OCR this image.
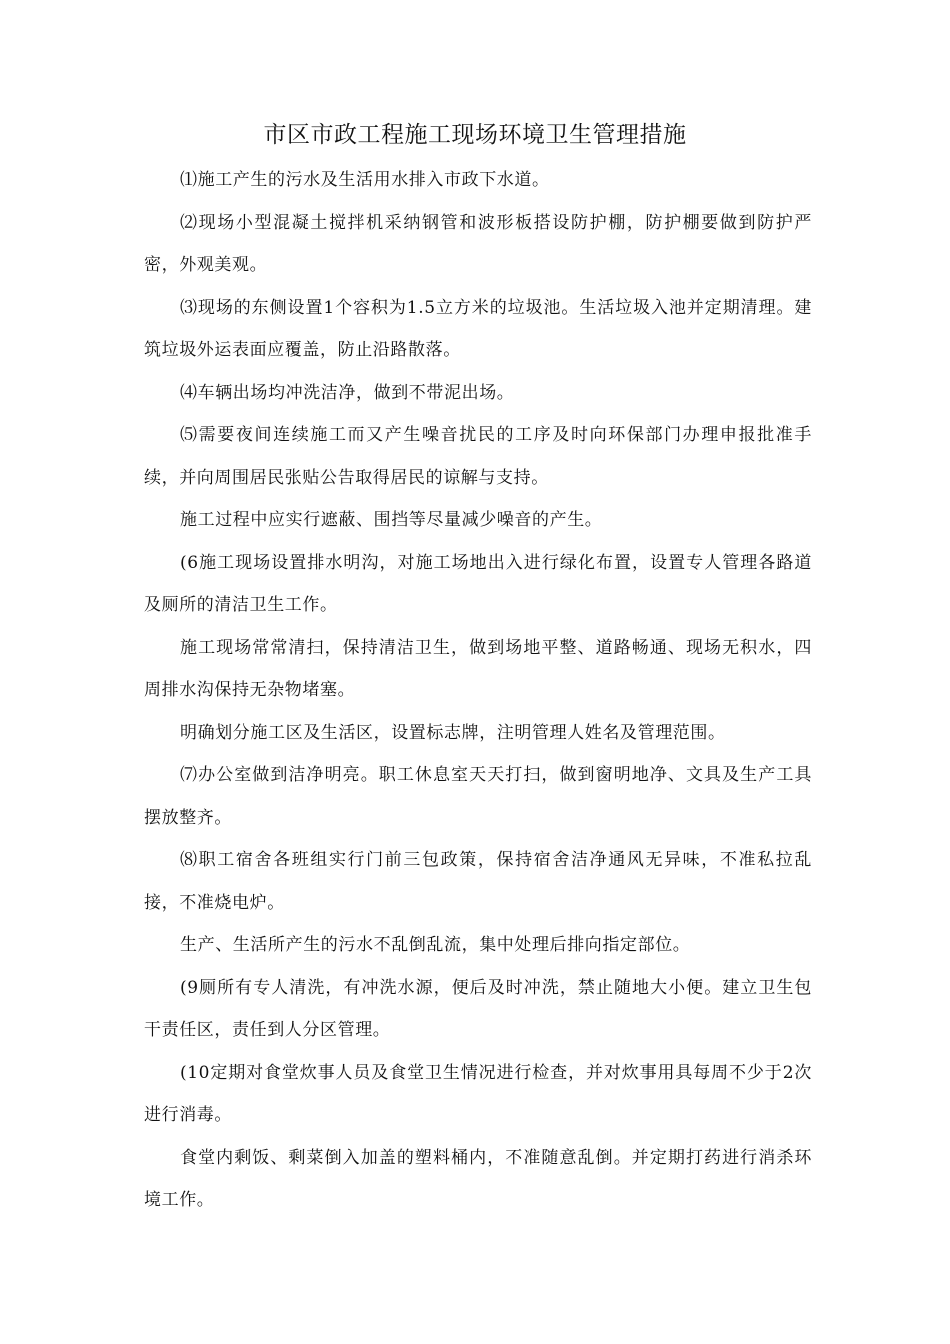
市区市政工程施工现场环境卫生管理措施

⑴施工产生的污水及生活用水排入市政下水道。

⑵现场小型混凝土搅拌机采纳钢管和波形板搭设防护棚，防护棚要做到防护严密，外观美观。

⑶现场的东侧设置1个容积为1.5立方米的垃圾池。生活垃圾入池并定期清理。建筑垃圾外运表面应覆盖，防止沿路散落。

⑷车辆出场均冲洗洁净，做到不带泥出场。

⑸需要夜间连续施工而又产生噪音扰民的工序及时向环保部门办理申报批准手续，并向周围居民张贴公告取得居民的谅解与支持。

施工过程中应实行遮蔽、围挡等尽量减少噪音的产生。

(6施工现场设置排水明沟，对施工场地出入进行绿化布置，设置专人管理各路道及厕所的清洁卫生工作。

施工现场常常清扫，保持清洁卫生，做到场地平整、道路畅通、现场无积水，四周排水沟保持无杂物堵塞。

明确划分施工区及生活区，设置标志牌，注明管理人姓名及管理范围。

⑺办公室做到洁净明亮。职工休息室天天打扫，做到窗明地净、文具及生产工具摆放整齐。

⑻职工宿舍各班组实行门前三包政策，保持宿舍洁净通风无异味，不准私拉乱接，不准烧电炉。

生产、生活所产生的污水不乱倒乱流，集中处理后排向指定部位。

(9厕所有专人清洗，有冲洗水源，便后及时冲洗，禁止随地大小便。建立卫生包干责任区，责任到人分区管理。

(10定期对食堂炊事人员及食堂卫生情况进行检查，并对炊事用具每周不少于2次进行消毒。

食堂内剩饭、剩菜倒入加盖的塑料桶内，不准随意乱倒。并定期打药进行消杀环境工作。
